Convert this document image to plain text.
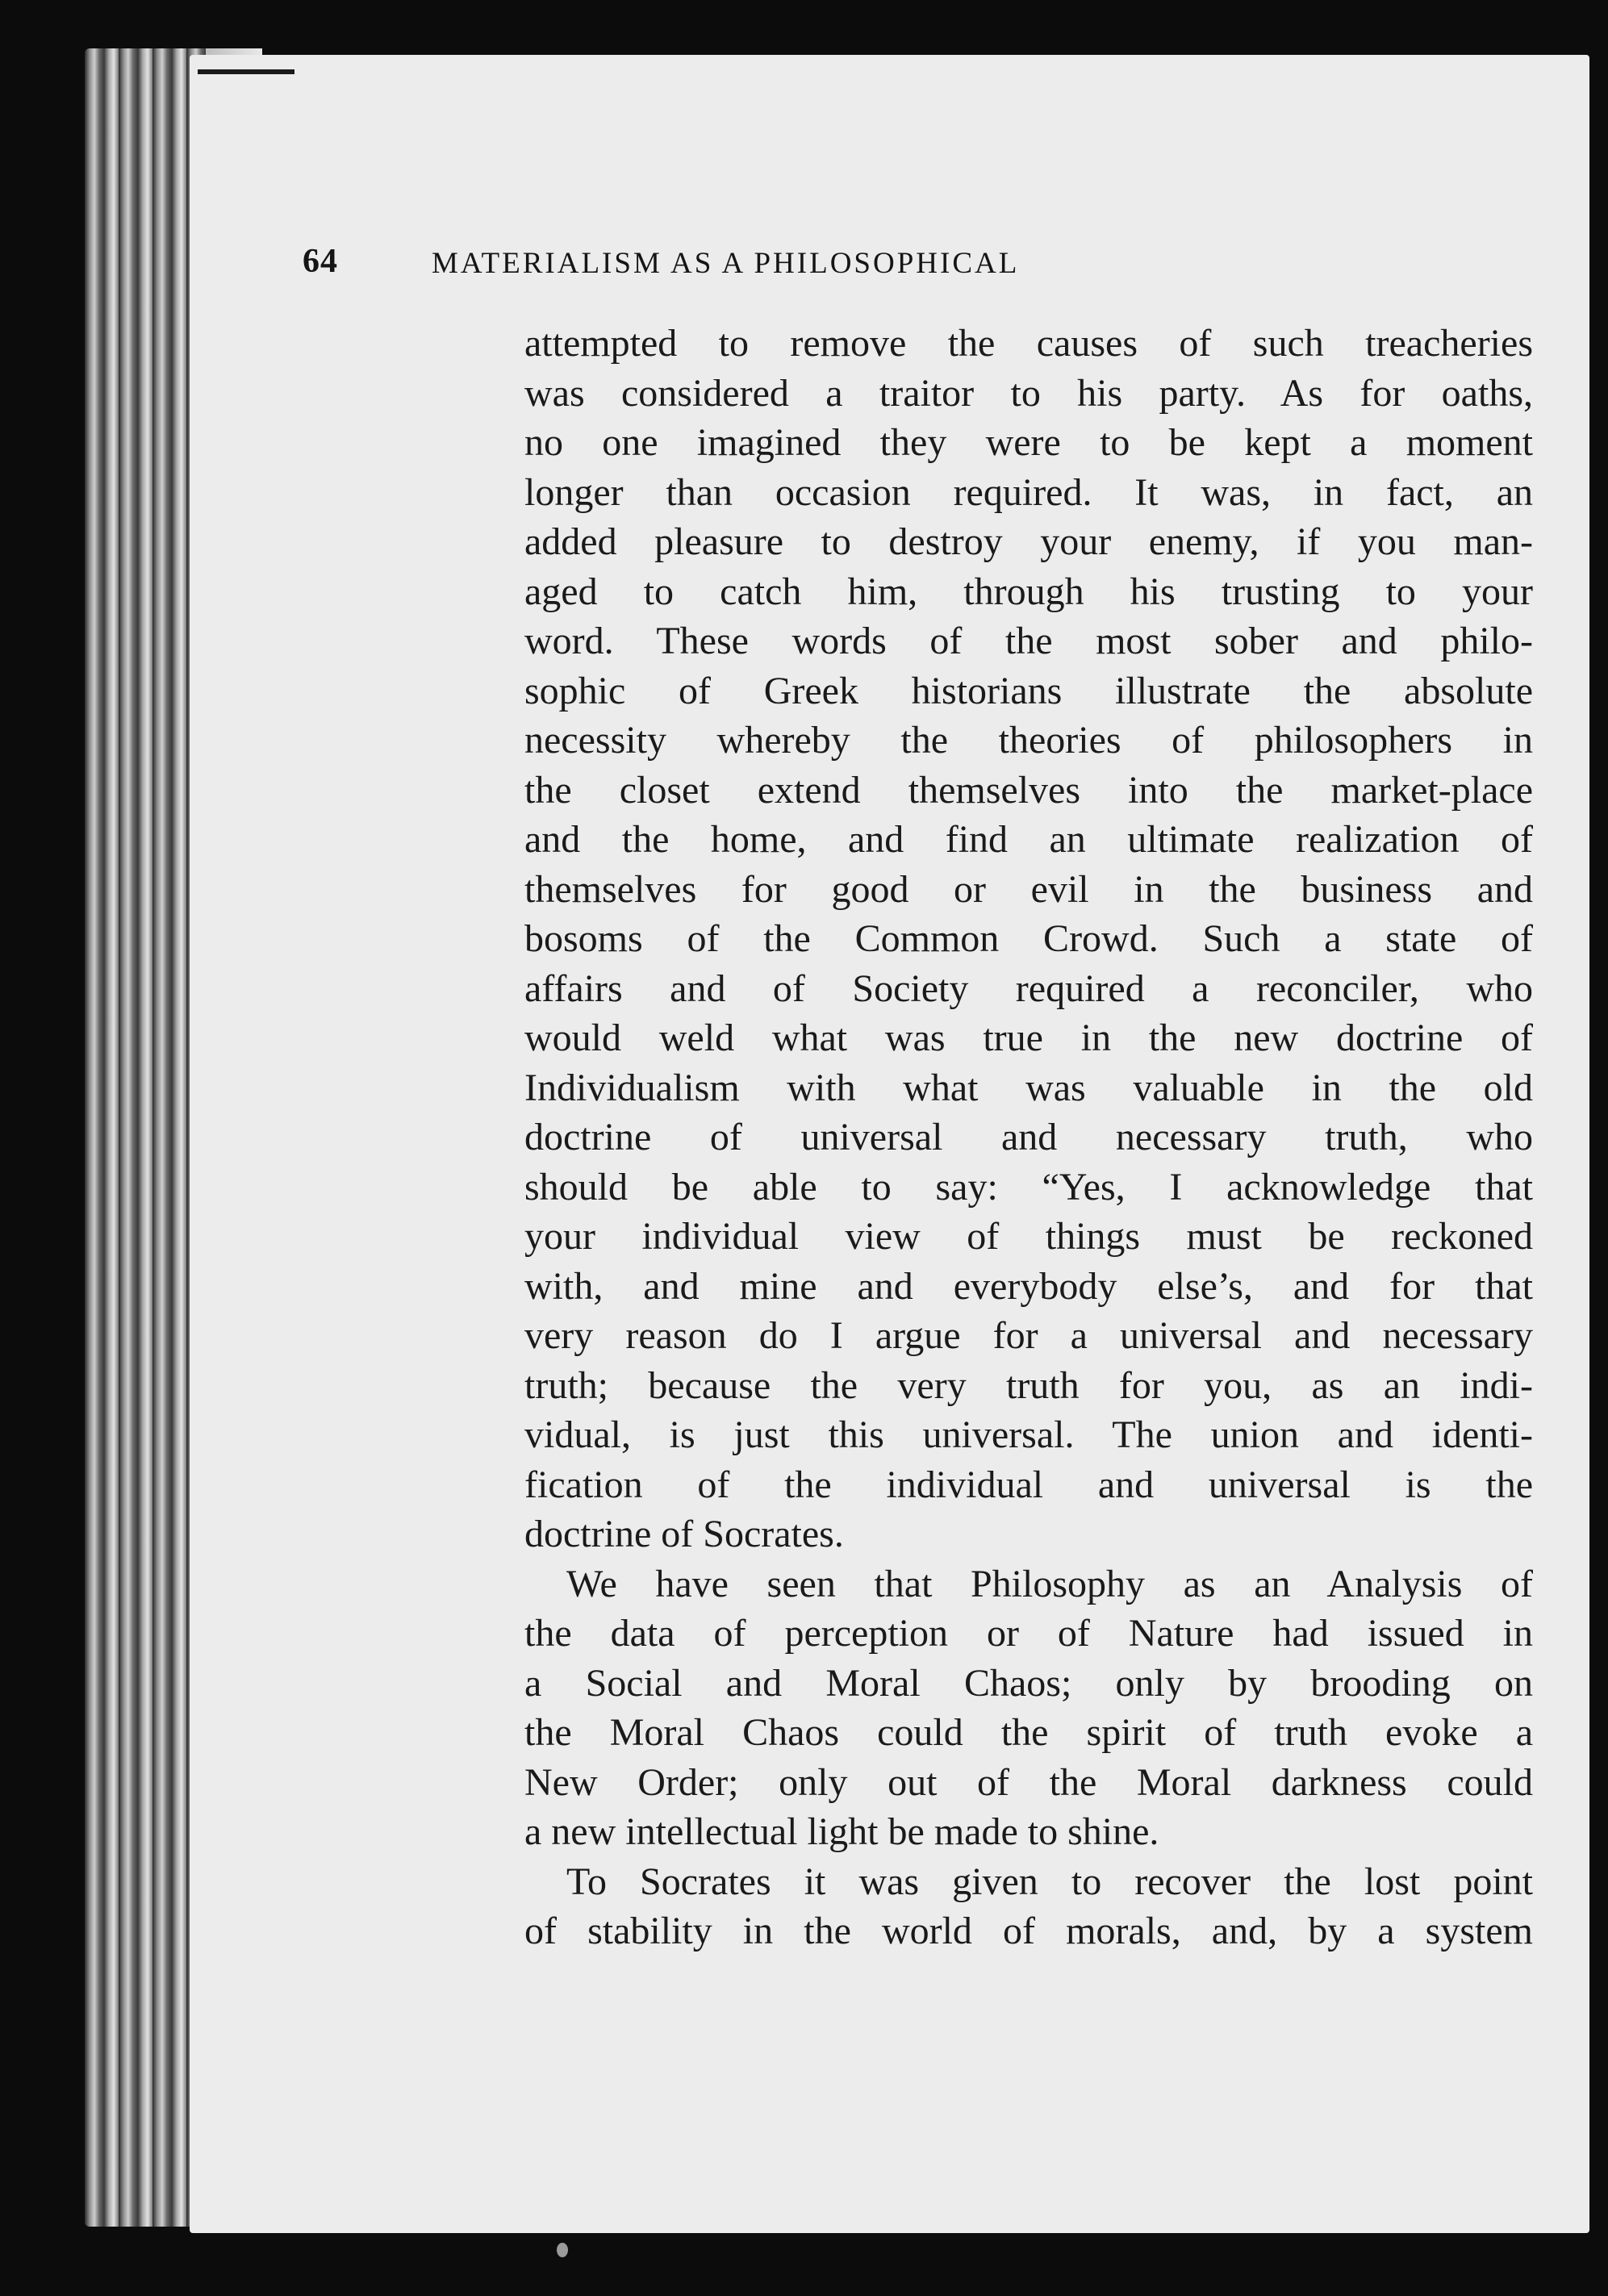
64	MATERIALISM AS A PHILOSOPHICAL

attempted to remove the causes of such treacheries
was considered a traitor to his party. As for oaths,
no one imagined they were to be kept a moment
longer than occasion required. It was, in fact, an
added pleasure to destroy your enemy, if you man-
aged to catch him, through his trusting to your
word. These words of the most sober and philo-
sophic of Greek historians illustrate the absolute
necessity whereby the theories of philosophers in
the closet extend themselves into the market-place
and the home, and find an ultimate realization of
themselves for good or evil in the business and
bosoms of the Common Crowd. Such a state of
affairs and of Society required a reconciler, who
would weld what was true in the new doctrine of
Individualism with what was valuable in the old
doctrine of universal and necessary truth, who
should be able to say: “Yes, I acknowledge that
your individual view of things must be reckoned
with, and mine and everybody else’s, and for that
very reason do I argue for a universal and necessary
truth; because the very truth for you, as an indi-
vidual, is just this universal. The union and identi-
fication of the individual and universal is the
doctrine of Socrates.

We have seen that Philosophy as an Analysis of
the data of perception or of Nature had issued in
a Social and Moral Chaos; only by brooding on
the Moral Chaos could the spirit of truth evoke a
New Order; only out of the Moral darkness could
a new intellectual light be made to shine.

To Socrates it was given to recover the lost point
of stability in the world of morals, and, by a system
